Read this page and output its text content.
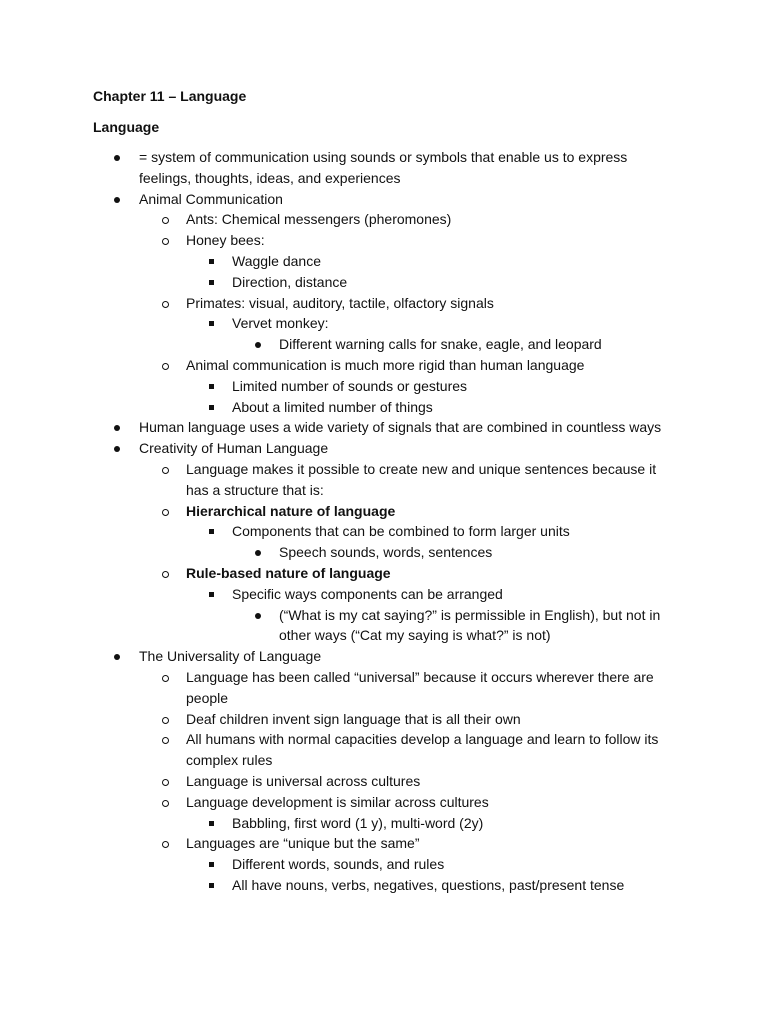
Chapter 11 – Language
Language
= system of communication using sounds or symbols that enable us to express feelings, thoughts, ideas, and experiences
Animal Communication
Ants: Chemical messengers (pheromones)
Honey bees:
Waggle dance
Direction, distance
Primates: visual, auditory, tactile, olfactory signals
Vervet monkey:
Different warning calls for snake, eagle, and leopard
Animal communication is much more rigid than human language
Limited number of sounds or gestures
About a limited number of things
Human language uses a wide variety of signals that are combined in countless ways
Creativity of Human Language
Language makes it possible to create new and unique sentences because it has a structure that is:
Hierarchical nature of language
Components that can be combined to form larger units
Speech sounds, words, sentences
Rule-based nature of language
Specific ways components can be arranged
(“What is my cat saying?” is permissible in English), but not in other ways (“Cat my saying is what?” is not)
The Universality of Language
Language has been called “universal” because it occurs wherever there are people
Deaf children invent sign language that is all their own
All humans with normal capacities develop a language and learn to follow its complex rules
Language is universal across cultures
Language development is similar across cultures
Babbling, first word (1 y), multi-word (2y)
Languages are “unique but the same”
Different words, sounds, and rules
All have nouns, verbs, negatives, questions, past/present tense
